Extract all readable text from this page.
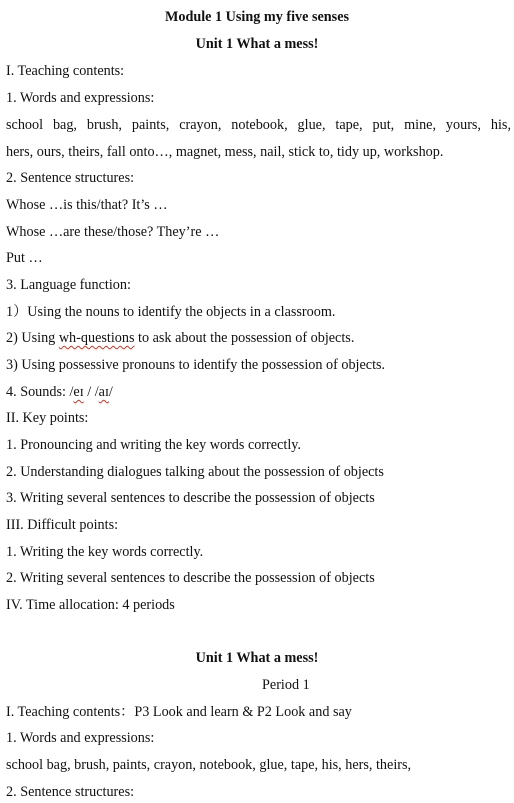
Module 1 Using my five senses
Unit 1 What a mess!
I. Teaching contents:
1. Words and expressions:
school bag, brush, paints, crayon, notebook, glue, tape, put, mine, yours, his,
hers, ours, theirs, fall onto…, magnet, mess, nail, stick to, tidy up, workshop.
2. Sentence structures:
Whose …is this/that? It’s …
Whose …are these/those? They’re …
Put …
3. Language function:
1）Using the nouns to identify the objects in a classroom.
2) Using wh-questions to ask about the possession of objects.
3) Using possessive pronouns to identify the possession of objects.
4. Sounds: /eɪ / /aɪ/
II. Key points:
1. Pronouncing and writing the key words correctly.
2. Understanding dialogues talking about the possession of objects
3. Writing several sentences to describe the possession of objects
III. Difficult points:
1. Writing the key words correctly.
2. Writing several sentences to describe the possession of objects
IV. Time allocation: 4 periods
Unit 1 What a mess!
Period 1
I. Teaching contents：P3 Look and learn & P2 Look and say
1. Words and expressions:
school bag, brush, paints, crayon, notebook, glue, tape, his, hers, theirs,
2. Sentence structures:
